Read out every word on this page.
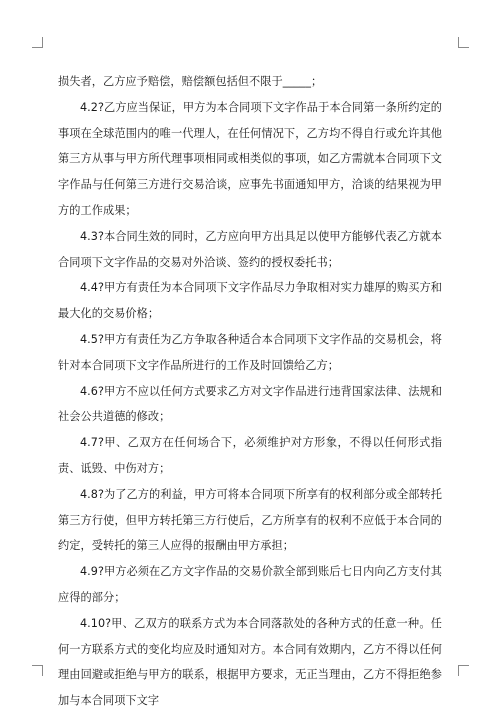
损失者，乙方应予赔偿，赔偿额包括但不限于_____；

4.2?乙方应当保证，甲方为本合同项下文字作品于本合同第一条所约定的事项在全球范围内的唯一代理人，在任何情况下，乙方均不得自行或允许其他第三方从事与甲方所代理事项相同或相类似的事项，如乙方需就本合同项下文字作品与任何第三方进行交易洽谈，应事先书面通知甲方，洽谈的结果视为甲方的工作成果；

4.3?本合同生效的同时，乙方应向甲方出具足以使甲方能够代表乙方就本合同项下文字作品的交易对外洽谈、签约的授权委托书；

4.4?甲方有责任为本合同项下文字作品尽力争取相对实力雄厚的购买方和最大化的交易价格；

4.5?甲方有责任为乙方争取各种适合本合同项下文字作品的交易机会，将针对本合同项下文字作品所进行的工作及时回馈给乙方；

4.6?甲方不应以任何方式要求乙方对文字作品进行违背国家法律、法规和社会公共道德的修改；

4.7?甲、乙双方在任何场合下，必须维护对方形象，不得以任何形式指责、诋毁、中伤对方；

4.8?为了乙方的利益，甲方可将本合同项下所享有的权利部分或全部转托第三方行使，但甲方转托第三方行使后，乙方所享有的权利不应低于本合同的约定，受转托的第三人应得的报酬由甲方承担；

4.9?甲方必须在乙方文字作品的交易价款全部到账后七日内向乙方支付其应得的部分；

4.10?甲、乙双方的联系方式为本合同落款处的各种方式的任意一种。任何一方联系方式的变化均应及时通知对方。本合同有效期内，乙方不得以任何理由回避或拒绝与甲方的联系，根据甲方要求，无正当理由，乙方不得拒绝参加与本合同项下文字
